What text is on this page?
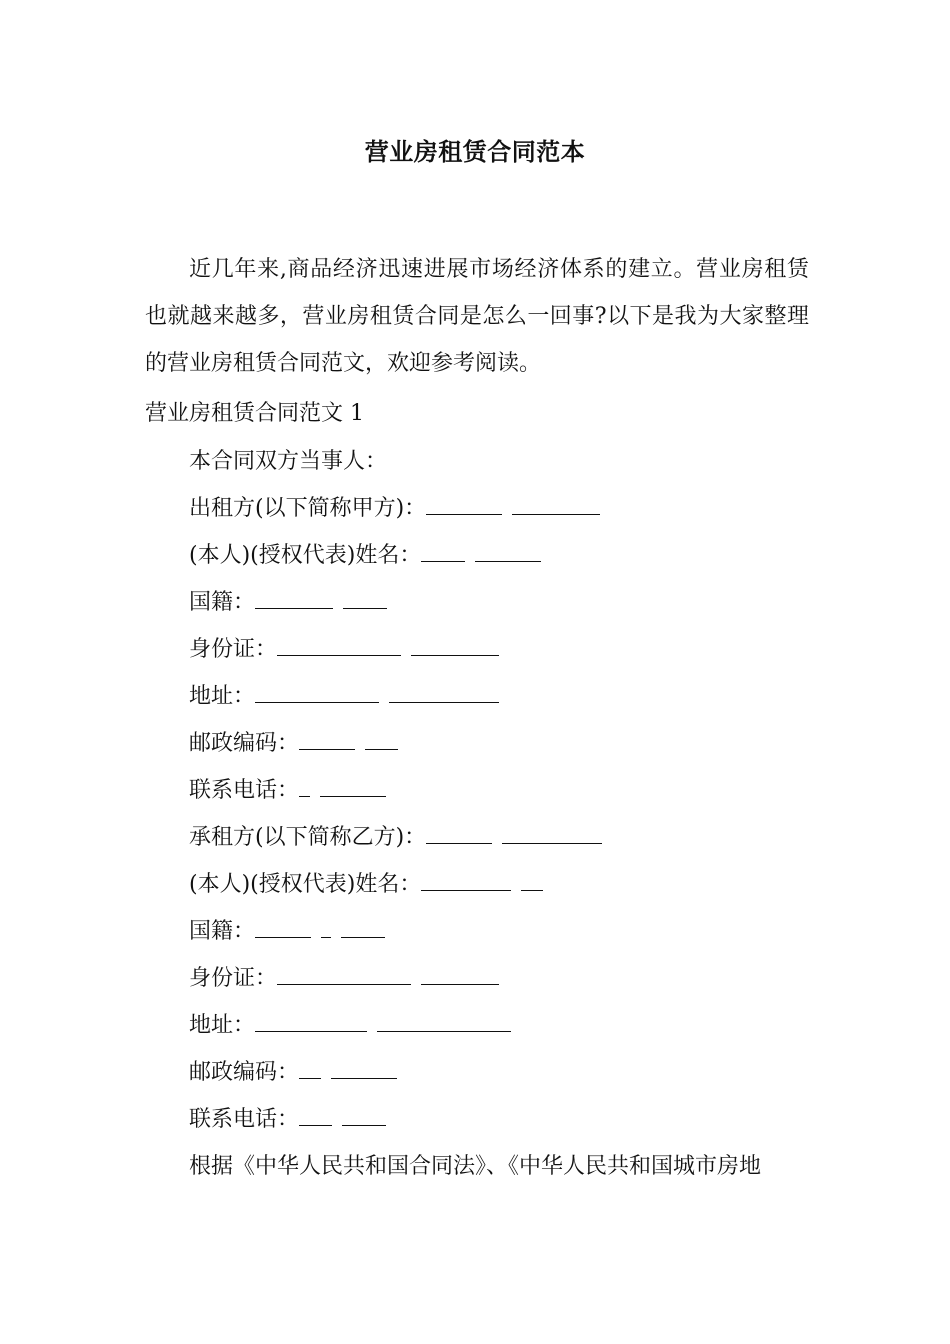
营业房租赁合同范本

近几年来,商品经济迅速进展市场经济体系的建立。营业房租赁也就越来越多，营业房租赁合同是怎么一回事?以下是我为大家整理的营业房租赁合同范文，欢迎参考阅读。

营业房租赁合同范文 1
本合同双方当事人：
出租方(以下简称甲方)：
(本人)(授权代表)姓名：
国籍：
身份证：
地址：
邮政编码：
联系电话：
承租方(以下简称乙方)：
(本人)(授权代表)姓名：
国籍：
身份证：
地址：
邮政编码：
联系电话：
根据《中华人民共和国合同法》、《中华人民共和国城市房地
